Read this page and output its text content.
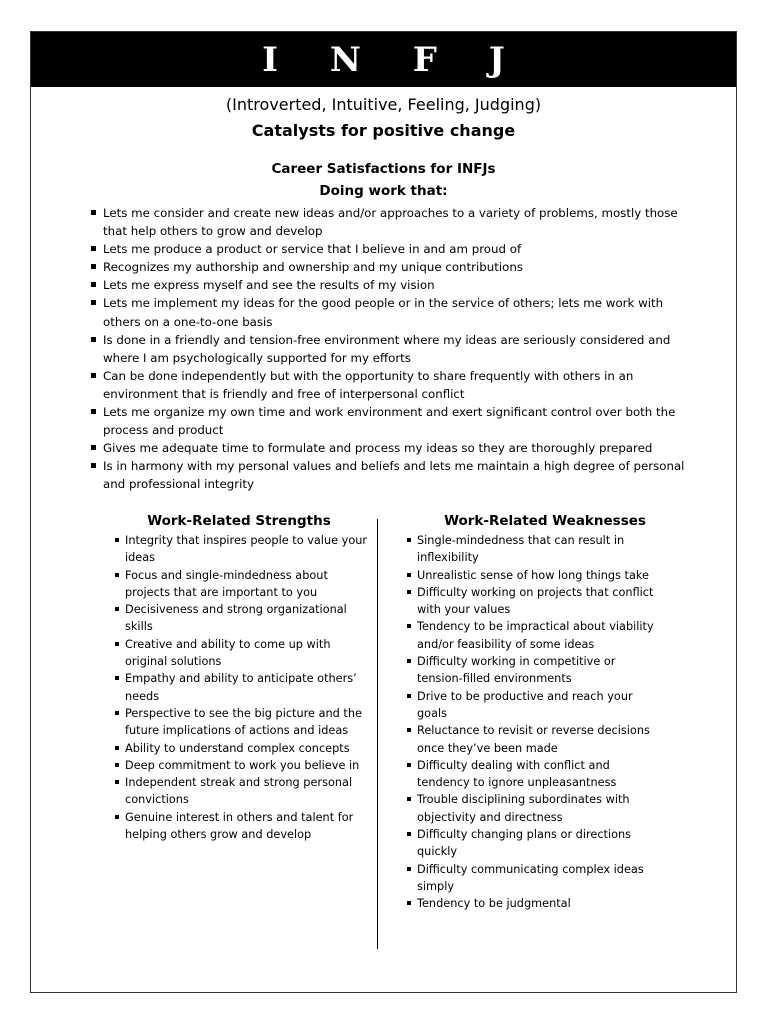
I N F J
(Introverted, Intuitive, Feeling, Judging)
Catalysts for positive change
Career Satisfactions for INFJs
Doing work that:
Lets me consider and create new ideas and/or approaches to a variety of problems, mostly those that help others to grow and develop
Lets me produce a product or service that I believe in and am proud of
Recognizes my authorship and ownership and my unique contributions
Lets me express myself and see the results of my vision
Lets me implement my ideas for the good people or in the service of others; lets me work with others on a one-to-one basis
Is done in a friendly and tension-free environment where my ideas are seriously considered and where I am psychologically supported for my efforts
Can be done independently but with the opportunity to share frequently with others in an environment that is friendly and free of interpersonal conflict
Lets me organize my own time and work environment and exert significant control over both the process and product
Gives me adequate time to formulate and process my ideas so they are thoroughly prepared
Is in harmony with my personal values and beliefs and lets me maintain a high degree of personal and professional integrity
Work-Related Strengths	Work-Related Weaknesses
Integrity that inspires people to value your ideas
Focus and single-mindedness about projects that are important to you
Decisiveness and strong organizational skills
Creative and ability to come up with original solutions
Empathy and ability to anticipate others’ needs
Perspective to see the big picture and the future implications of actions and ideas
Ability to understand complex concepts
Deep commitment to work you believe in
Independent streak and strong personal convictions
Genuine interest in others and talent for helping others grow and develop
Single-mindedness that can result in inflexibility
Unrealistic sense of how long things take
Difficulty working on projects that conflict with your values
Tendency to be impractical about viability and/or feasibility of some ideas
Difficulty working in competitive or tension-filled environments
Drive to be productive and reach your goals
Reluctance to revisit or reverse decisions once they’ve been made
Difficulty dealing with conflict and tendency to ignore unpleasantness
Trouble disciplining subordinates with objectivity and directness
Difficulty changing plans or directions quickly
Difficulty communicating complex ideas simply
Tendency to be judgmental
